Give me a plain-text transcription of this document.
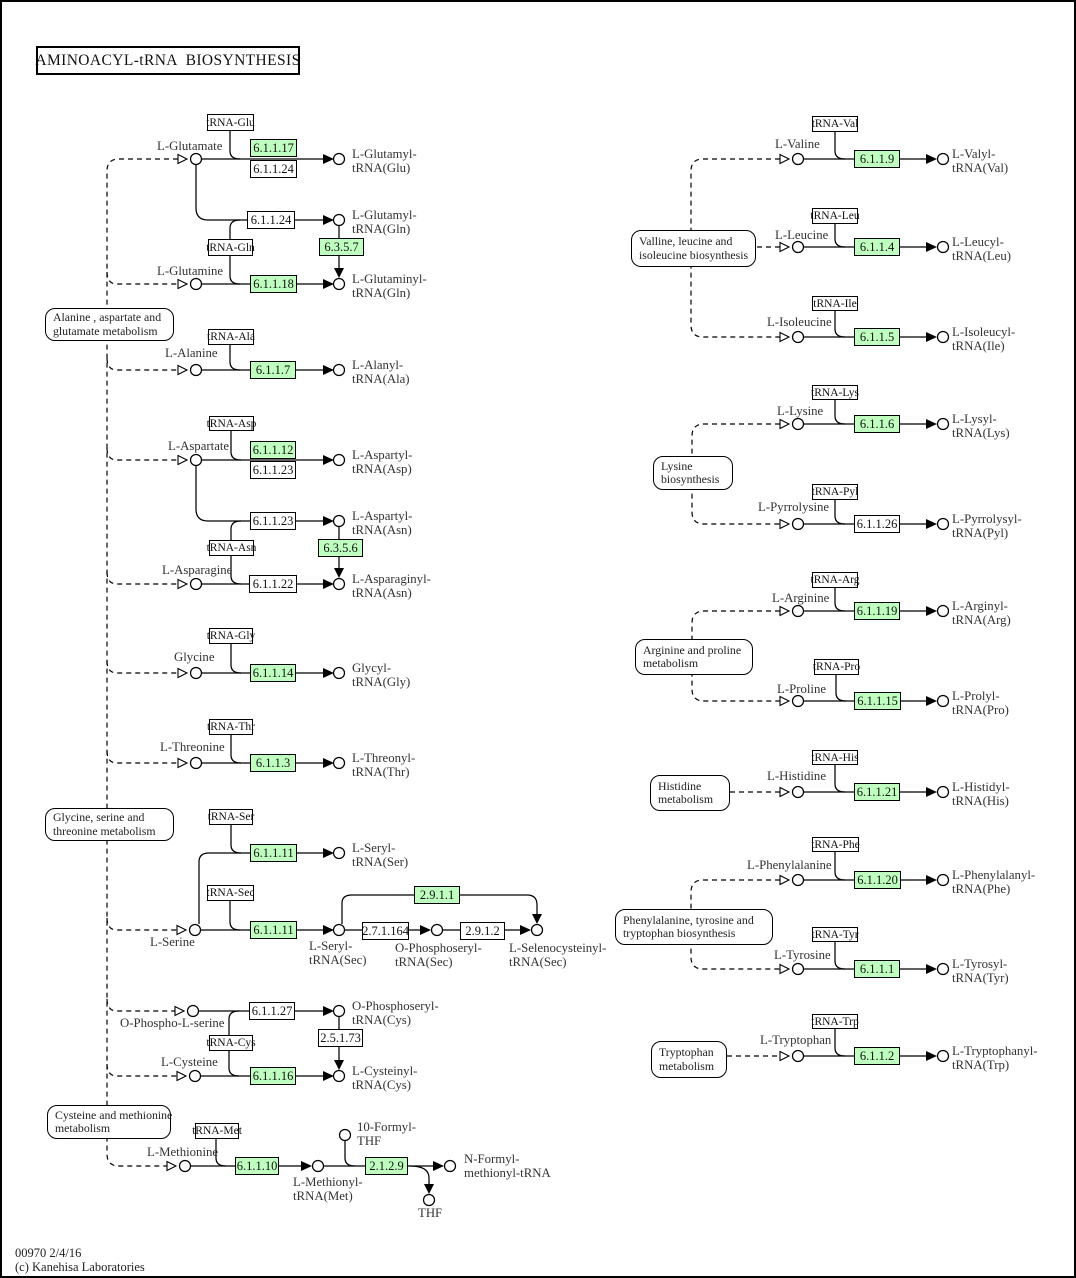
AMINOACYL-tRNA  BIOSYNTHESIS
6.1.1.17
6.1.1.24
6.1.1.24
6.3.5.7
6.1.1.18
6.1.1.7
6.1.1.12
6.1.1.23
6.1.1.23
6.3.5.6
6.1.1.22
6.1.1.14
6.1.1.3
6.1.1.11
6.1.1.11
2.9.1.1
2.7.1.164	2.9.1.2
6.1.1.27
2.5.1.73
6.1.1.16
6.1.1.10	2.1.2.9
6.1.1.9
6.1.1.4
6.1.1.5
6.1.1.6
6.1.1.26
6.1.1.19
6.1.1.15
6.1.1.21
6.1.1.20
6.1.1.1
6.1.1.2
tRNA-Glu
tRNA-Gln
tRNA-Ala
tRNA-Asp
tRNA-Asn
tRNA-Gly
tRNA-Thr
tRNA-Ser
tRNA-Sec
tRNA-Cys
tRNA-Met
tRNA-Val
tRNA-Leu
tRNA-Ile
tRNA-Lys
tRNA-Pyl
tRNA-Arg
tRNA-Pro
tRNA-His
tRNA-Phe
tRNA-Tyr
tRNA-Trp
Alanine , aspartate and
glutamate metabolism
Glycine, serine and
threonine metabolism
Cysteine and methionine
metabolism
Valline, leucine and
isoleucine biosynthesis
Lysine
biosynthesis
Arginine and proline
metabolism
Histidine
metabolism
Phenylalanine, tyrosine and
tryptophan biosynthesis
Tryptophan
metabolism
L-Glutamate
L-Glutamine
L-Alanine
L-Aspartate
L-Asparagine
Glycine
L-Threonine
L-Serine
O-Phospho-L-serine
L-Cysteine
L-Methionine
L-Valine
L-Leucine
L-Isoleucine
L-Lysine
L-Pyrrolysine
L-Arginine
L-Proline
L-Histidine
L-Phenylalanine
L-Tyrosine
L-Tryptophan
L-Glutamyl-
tRNA(Glu)
L-Glutamyl-
tRNA(Gln)
L-Glutaminyl-
tRNA(Gln)
L-Alanyl-
tRNA(Ala)
L-Aspartyl-
tRNA(Asp)
L-Aspartyl-
tRNA(Asn)
L-Asparaginyl-
tRNA(Asn)
Glycyl-
tRNA(Gly)
L-Threonyl-
tRNA(Thr)
L-Seryl-
tRNA(Ser)
L-Seryl-
tRNA(Sec)
O-Phosphoseryl-
tRNA(Sec)
L-Selenocysteinyl-
tRNA(Sec)
O-Phosphoseryl-
tRNA(Cys)
L-Cysteinyl-
tRNA(Cys)
L-Methionyl-
tRNA(Met)
10-Formyl-
THF
N-Formyl-
methionyl-tRNA
THF
L-Valyl-
tRNA(Val)
L-Leucyl-
tRNA(Leu)
L-Isoleucyl-
tRNA(Ile)
L-Lysyl-
tRNA(Lys)
L-Pyrrolysyl-
tRNA(Pyl)
L-Arginyl-
tRNA(Arg)
L-Prolyl-
tRNA(Pro)
L-Histidyl-
tRNA(His)
L-Phenylalanyl-
tRNA(Phe)
L-Tyrosyl-
tRNA(Tyr)
L-Tryptophanyl-
tRNA(Trp)
00970 2/4/16
(c) Kanehisa Laboratories
